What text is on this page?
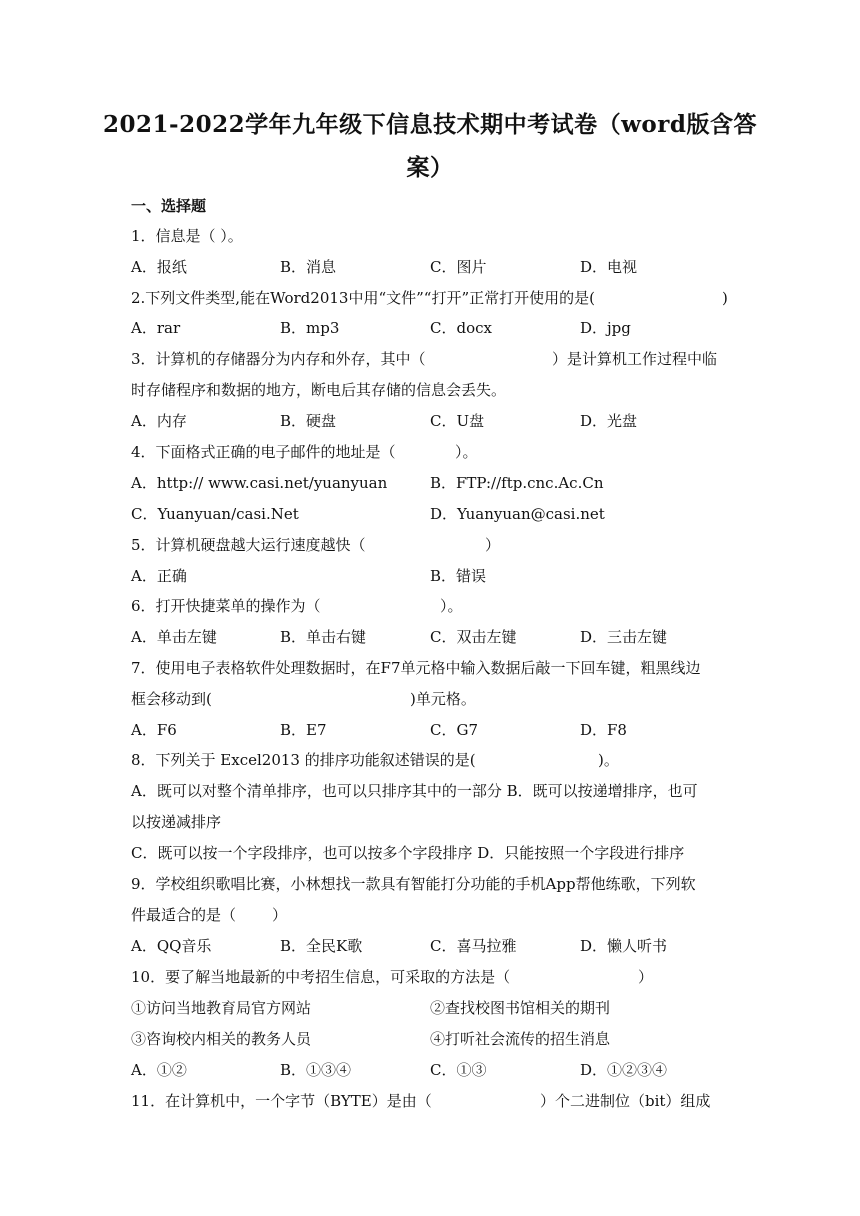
2021-2022学年九年级下信息技术期中考试卷（word版含答
案）
一、选择题
1．信息是（ ）。
A．报纸	B．消息	C．图片	D．电视
2.下列文件类型,能在Word2013中用“文件”“打开”正常打开使用的是(	)
A．rar	B．mp3	C．docx	D．jpg
3．计算机的存储器分为内存和外存，其中（	）是计算机工作过程中临
时存储程序和数据的地方，断电后其存储的信息会丢失。
A．内存	B．硬盘	C．U盘	D．光盘
4．下面格式正确的电子邮件的地址是（	）。
A．http:// www.casi.net/yuanyuan	B．FTP://ftp.cnc.Ac.Cn
C．Yuanyuan/casi.Net	D．Yuanyuan@casi.net
5．计算机硬盘越大运行速度越快（	）
A．正确	B．错误
6．打开快捷菜单的操作为（	）。
A．单击左键	B．单击右键	C．双击左键	D．三击左键
7．使用电子表格软件处理数据时，在F7单元格中输入数据后敲一下回车键，粗黑线边
框会移动到(	)单元格。
A．F6	B．E7	C．G7	D．F8
8．下列关于 Excel2013 的排序功能叙述错误的是(	)。
A．既可以对整个清单排序，也可以只排序其中的一部分 B．既可以按递增排序，也可
以按递减排序
C．既可以按一个字段排序，也可以按多个字段排序 D．只能按照一个字段进行排序
9．学校组织歌唱比赛，小林想找一款具有智能打分功能的手机App帮他练歌，下列软
件最适合的是（ ）
A．QQ音乐	B．全民K歌	C．喜马拉雅	D．懒人听书
10．要了解当地最新的中考招生信息，可采取的方法是（	）
①访问当地教育局官方网站	②查找校图书馆相关的期刊
③咨询校内相关的教务人员	④打听社会流传的招生消息
A．①②	B．①③④	C．①③	D．①②③④
11．在计算机中，一个字节（BYTE）是由（	）个二进制位（bit）组成
